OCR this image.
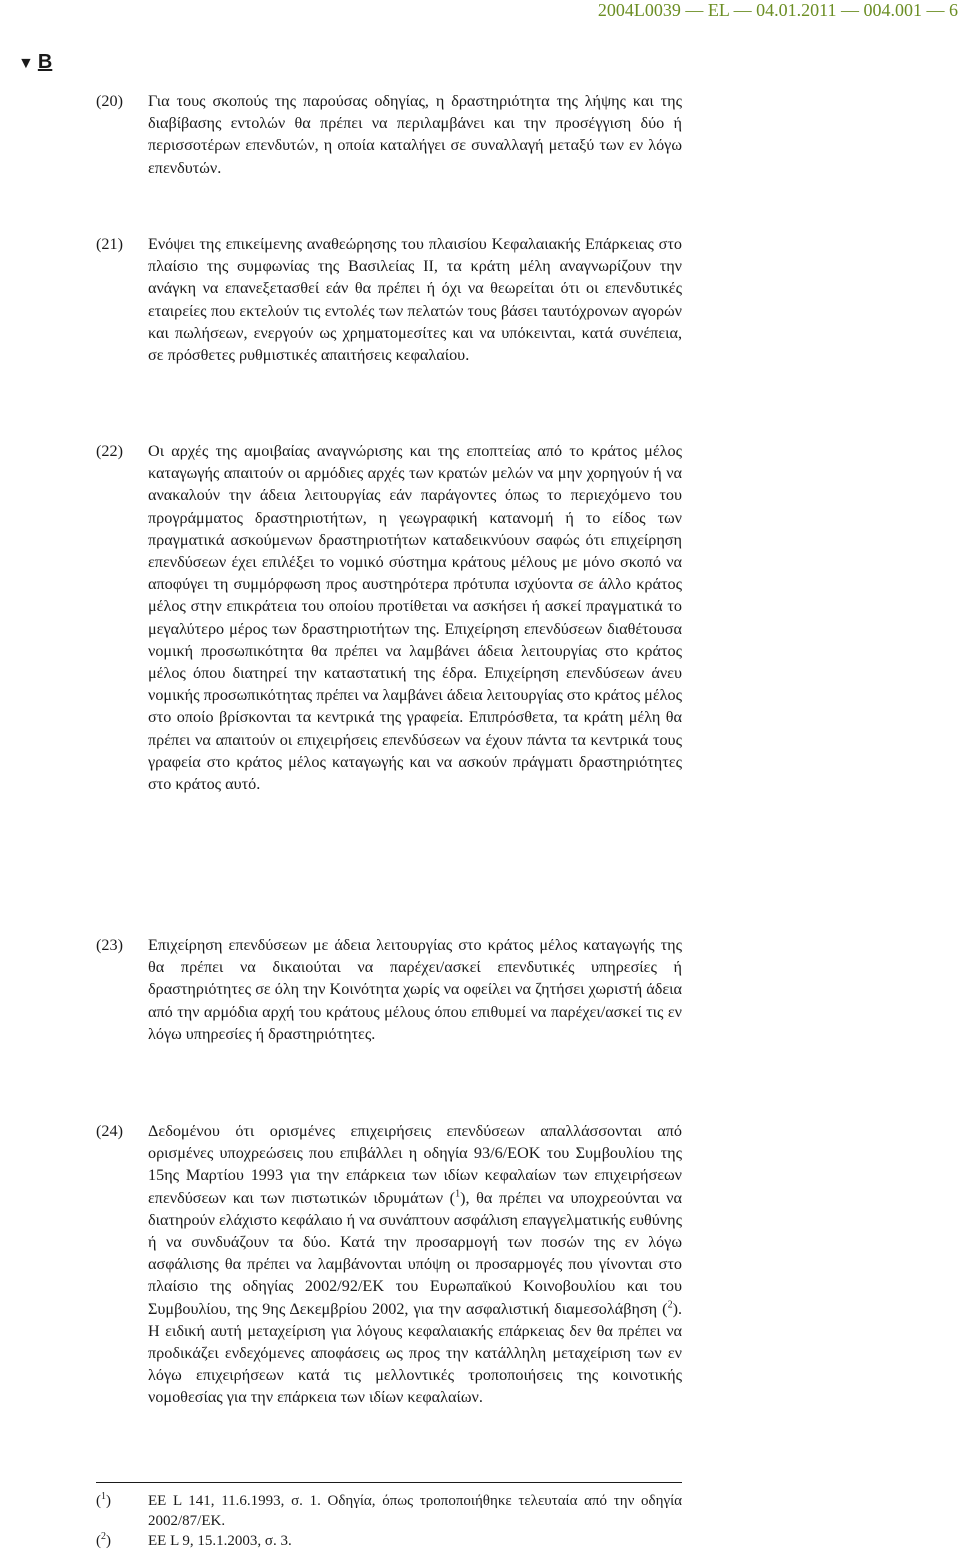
2004L0039 — EL — 04.01.2011 — 004.001 — 6
▼ B
(20)	Για τους σκοπούς της παρούσας οδηγίας, η δραστηριότητα της λήψης και της διαβίβασης εντολών θα πρέπει να περιλαμβάνει και την προσέγγιση δύο ή περισσοτέρων επενδυτών, η οποία καταλήγει σε συναλλαγή μεταξύ των εν λόγω επενδυτών.
(21)	Ενόψει της επικείμενης αναθεώρησης του πλαισίου Κεφαλαιακής Επάρκειας στο πλαίσιο της συμφωνίας της Βασιλείας ΙΙ, τα κράτη μέλη αναγνωρίζουν την ανάγκη να επανεξετασθεί εάν θα πρέπει ή όχι να θεωρείται ότι οι επενδυτικές εταιρείες που εκτελούν τις εντολές των πελατών τους βάσει ταυτόχρονων αγορών και πωλήσεων, ενεργούν ως χρηματομεσίτες και να υπόκεινται, κατά συνέπεια, σε πρόσθετες ρυθμιστικές απαιτήσεις κεφαλαίου.
(22)	Οι αρχές της αμοιβαίας αναγνώρισης και της εποπτείας από το κράτος μέλος καταγωγής απαιτούν οι αρμόδιες αρχές των κρατών μελών να μην χορηγούν ή να ανακαλούν την άδεια λειτουργίας εάν παράγοντες όπως το περιεχόμενο του προγράμματος δραστηριοτήτων, η γεωγραφική κατανομή ή το είδος των πραγματικά ασκούμενων δραστηριοτήτων καταδεικνύουν σαφώς ότι επιχείρηση επενδύσεων έχει επιλέξει το νομικό σύστημα κράτους μέλους με μόνο σκοπό να αποφύγει τη συμμόρφωση προς αυστηρότερα πρότυπα ισχύοντα σε άλλο κράτος μέλος στην επικράτεια του οποίου προτίθεται να ασκήσει ή ασκεί πραγματικά το μεγαλύτερο μέρος των δραστηριοτήτων της. Επιχείρηση επενδύσεων διαθέτουσα νομική προσωπικότητα θα πρέπει να λαμβάνει άδεια λειτουργίας στο κράτος μέλος όπου διατηρεί την καταστατική της έδρα. Επιχείρηση επενδύσεων άνευ νομικής προσωπικότητας πρέπει να λαμβάνει άδεια λειτουργίας στο κράτος μέλος στο οποίο βρίσκονται τα κεντρικά της γραφεία. Επιπρόσθετα, τα κράτη μέλη θα πρέπει να απαιτούν οι επιχειρήσεις επενδύσεων να έχουν πάντα τα κεντρικά τους γραφεία στο κράτος μέλος καταγωγής και να ασκούν πράγματι δραστηριότητες στο κράτος αυτό.
(23)	Επιχείρηση επενδύσεων με άδεια λειτουργίας στο κράτος μέλος καταγωγής της θα πρέπει να δικαιούται να παρέχει/ασκεί επενδυτικές υπηρεσίες ή δραστηριότητες σε όλη την Κοινότητα χωρίς να οφείλει να ζητήσει χωριστή άδεια από την αρμόδια αρχή του κράτους μέλους όπου επιθυμεί να παρέχει/ασκεί τις εν λόγω υπηρεσίες ή δραστηριότητες.
(24)	Δεδομένου ότι ορισμένες επιχειρήσεις επενδύσεων απαλλάσσονται από ορισμένες υποχρεώσεις που επιβάλλει η οδηγία 93/6/ΕΟΚ του Συμβουλίου της 15ης Μαρτίου 1993 για την επάρκεια των ιδίων κεφαλαίων των επιχειρήσεων επενδύσεων και των πιστωτικών ιδρυμάτων ($^1$), θα πρέπει να υποχρεούνται να διατηρούν ελάχιστο κεφάλαιο ή να συνάπτουν ασφάλιση επαγγελματικής ευθύνης ή να συνδυάζουν τα δύο. Κατά την προσαρμογή των ποσών της εν λόγω ασφάλισης θα πρέπει να λαμβάνονται υπόψη οι προσαρμογές που γίνονται στο πλαίσιο της οδηγίας 2002/92/ΕΚ του Ευρωπαϊκού Κοινοβουλίου και του Συμβουλίου, της 9ης Δεκεμβρίου 2002, για την ασφαλιστική διαμεσολάβηση ($^2$). Η ειδική αυτή μεταχείριση για λόγους κεφαλαιακής επάρκειας δεν θα πρέπει να προδικάζει ενδεχόμενες αποφάσεις ως προς την κατάλληλη μεταχείριση των εν λόγω επιχειρήσεων κατά τις μελλοντικές τροποποιήσεις της κοινοτικής νομοθεσίας για την επάρκεια των ιδίων κεφαλαίων.
($^1$)	ΕΕ L 141, 11.6.1993, σ. 1. Οδηγία, όπως τροποποιήθηκε τελευταία από την οδηγία 2002/87/ΕΚ.
($^2$)	ΕΕ L 9, 15.1.2003, σ. 3.
